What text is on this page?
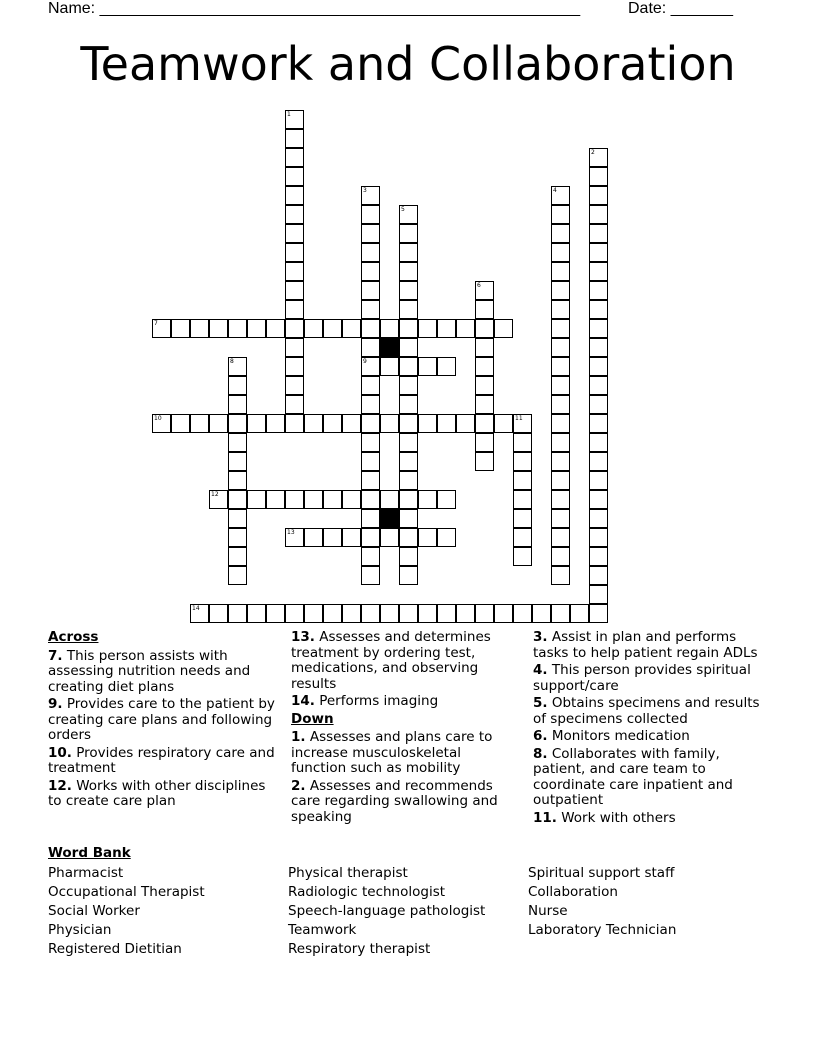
Name: ______________________________________________________	Date: _______
Teamwork and Collaboration
1
2
3	4
5
6
7
8	9
10	11
12
13
14
Across
7. This person assists with assessing nutrition needs and creating diet plans
9. Provides care to the patient by creating care plans and following orders
10. Provides respiratory care and treatment
12. Works with other disciplines to create care plan
13. Assesses and determines treatment by ordering test, medications, and observing results
14. Performs imaging
Down
1. Assesses and plans care to increase musculoskeletal function such as mobility
2. Assesses and recommends care regarding swallowing and speaking
3. Assist in plan and performs tasks to help patient regain ADLs
4. This person provides spiritual support/care
5. Obtains specimens and results of specimens collected
6. Monitors medication
8. Collaborates with family, patient, and care team to coordinate care inpatient and outpatient
11. Work with others
Word Bank
Pharmacist
Occupational Therapist
Social Worker
Physician
Registered Dietitian
Physical therapist
Radiologic technologist
Speech-language pathologist
Teamwork
Respiratory therapist
Spiritual support staff
Collaboration
Nurse
Laboratory Technician
